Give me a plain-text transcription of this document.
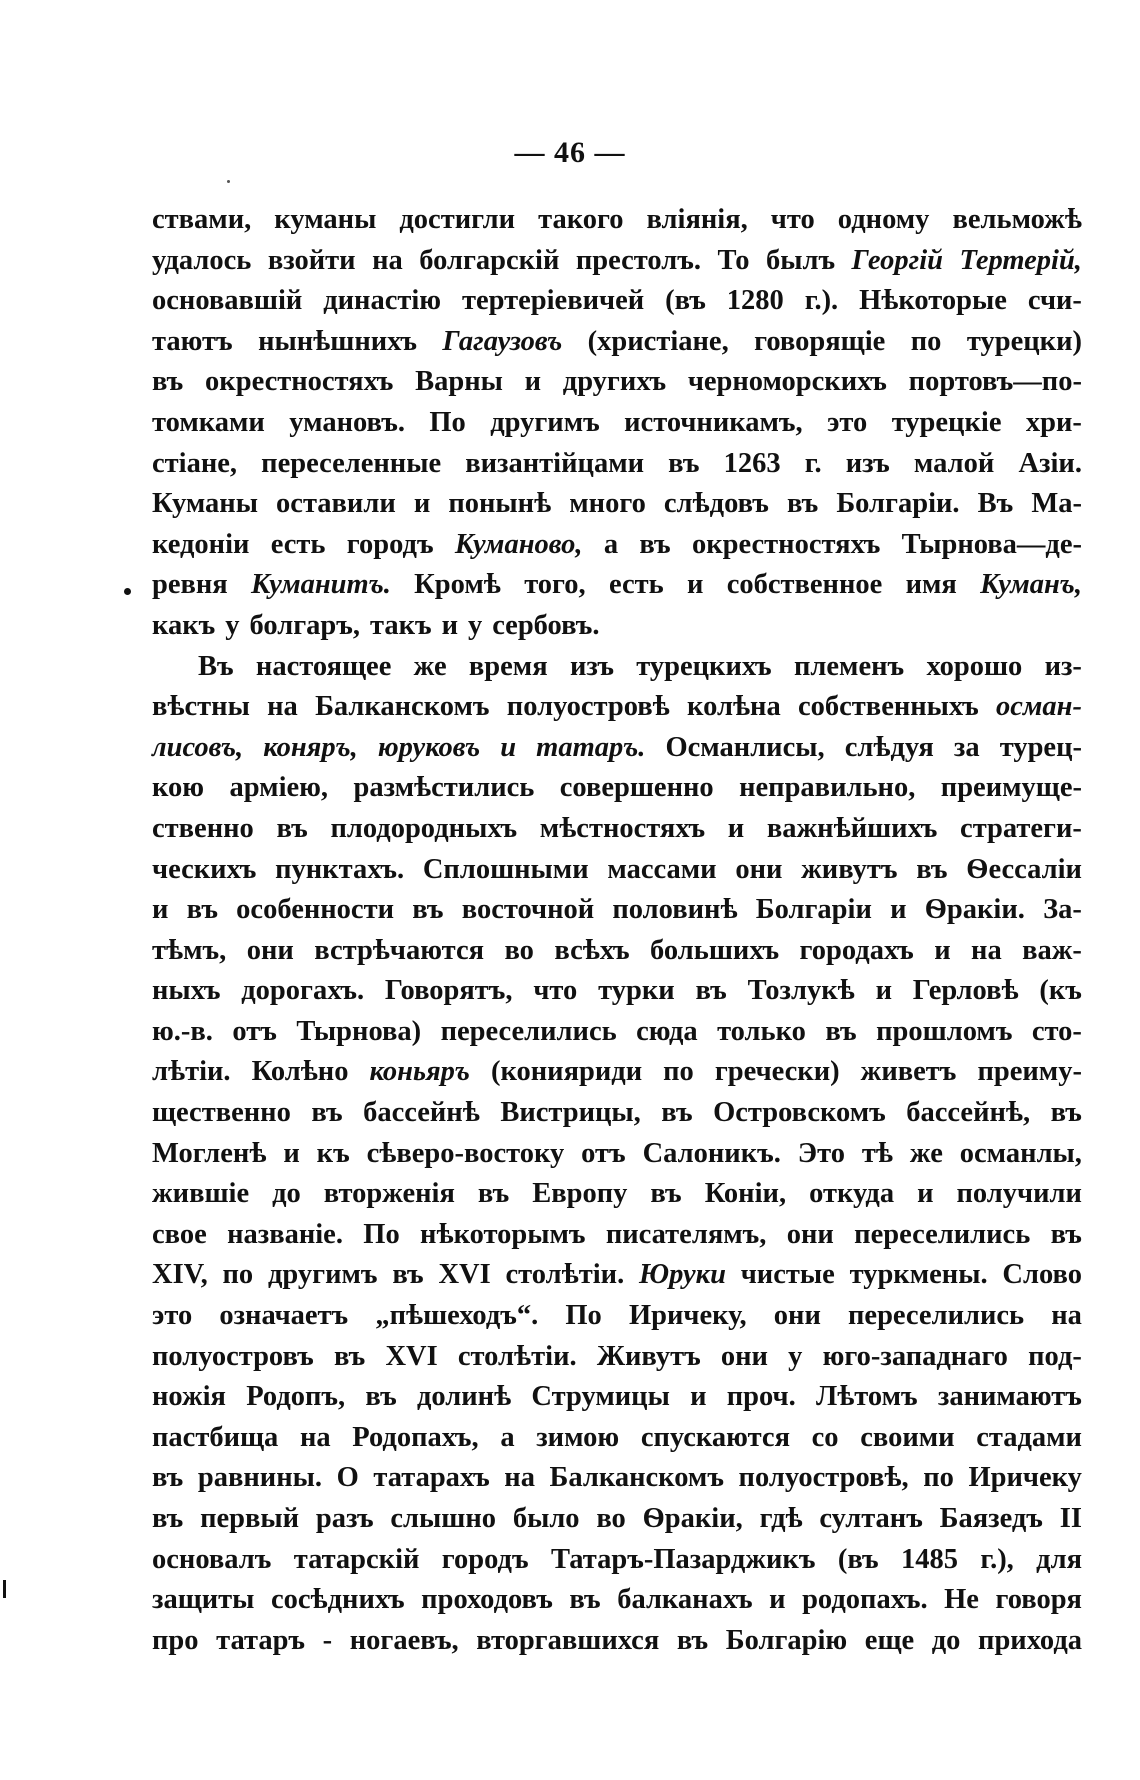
— 46 —
ствами, куманы достигли такого вліянія, что одному вельможѣ
удалось взойти на болгарскій престолъ. То былъ Георгій Тертерій,
основавшій династію тертеріевичей (въ 1280 г.). Нѣкоторые счи-
таютъ нынѣшнихъ Гагаузовъ (христіане, говорящіе по турецки)
въ окрестностяхъ Варны и другихъ черноморскихъ портовъ—по-
томками умановъ. По другимъ источникамъ, это турецкіе хри-
стіане, переселенные византійцами въ 1263 г. изъ малой Азіи.
Куманы оставили и понынѣ много слѣдовъ въ Болгаріи. Въ Ма-
кедоніи есть городъ Куманово, а въ окрестностяхъ Тырнова—де-
ревня Куманитъ. Кромѣ того, есть и собственное имя Куманъ,
какъ у болгаръ, такъ и у сербовъ.
Въ настоящее же время изъ турецкихъ племенъ хорошо из-
вѣстны на Балканскомъ полуостровѣ колѣна собственныхъ осман-
лисовъ, коняръ, юруковъ и татаръ. Османлисы, слѣдуя за турец-
кою арміею, размѣстились совершенно неправильно, преимуще-
ственно въ плодородныхъ мѣстностяхъ и важнѣйшихъ стратеги-
ческихъ пунктахъ. Сплошными массами они живутъ въ Ѳессаліи
и въ особенности въ восточной половинѣ Болгаріи и Ѳракіи. За-
тѣмъ, они встрѣчаются во всѣхъ большихъ городахъ и на важ-
ныхъ дорогахъ. Говорятъ, что турки въ Тозлукѣ и Герловѣ (къ
ю.-в. отъ Тырнова) переселились сюда только въ прошломъ сто-
лѣтіи. Колѣно коньяръ (конияриди по гречески) живетъ преиму-
щественно въ бассейнѣ Вистрицы, въ Островскомъ бассейнѣ, въ
Могленѣ и къ сѣверо-востоку отъ Салоникъ. Это тѣ же османлы,
жившіе до вторженія въ Европу въ Коніи, откуда и получили
свое названіе. По нѣкоторымъ писателямъ, они переселились въ
XIV, по другимъ въ XVI столѣтіи. Юруки чистые туркмены. Слово
это означаетъ „пѣшеходъ“. По Иричеку, они переселились на
полуостровъ въ XVI столѣтіи. Живутъ они у юго-западнаго под-
ножія Родопъ, въ долинѣ Струмицы и проч. Лѣтомъ занимаютъ
пастбища на Родопахъ, а зимою спускаются со своими стадами
въ равнины. О татарахъ на Балканскомъ полуостровѣ, по Иричеку
въ первый разъ слышно было во Ѳракіи, гдѣ султанъ Баязедъ II
основалъ татарскій городъ Татаръ-Пазарджикъ (въ 1485 г.), для
защиты сосѣднихъ проходовъ въ балканахъ и родопахъ. Не говоря
про татаръ - ногаевъ, вторгавшихся въ Болгарію еще до прихода
